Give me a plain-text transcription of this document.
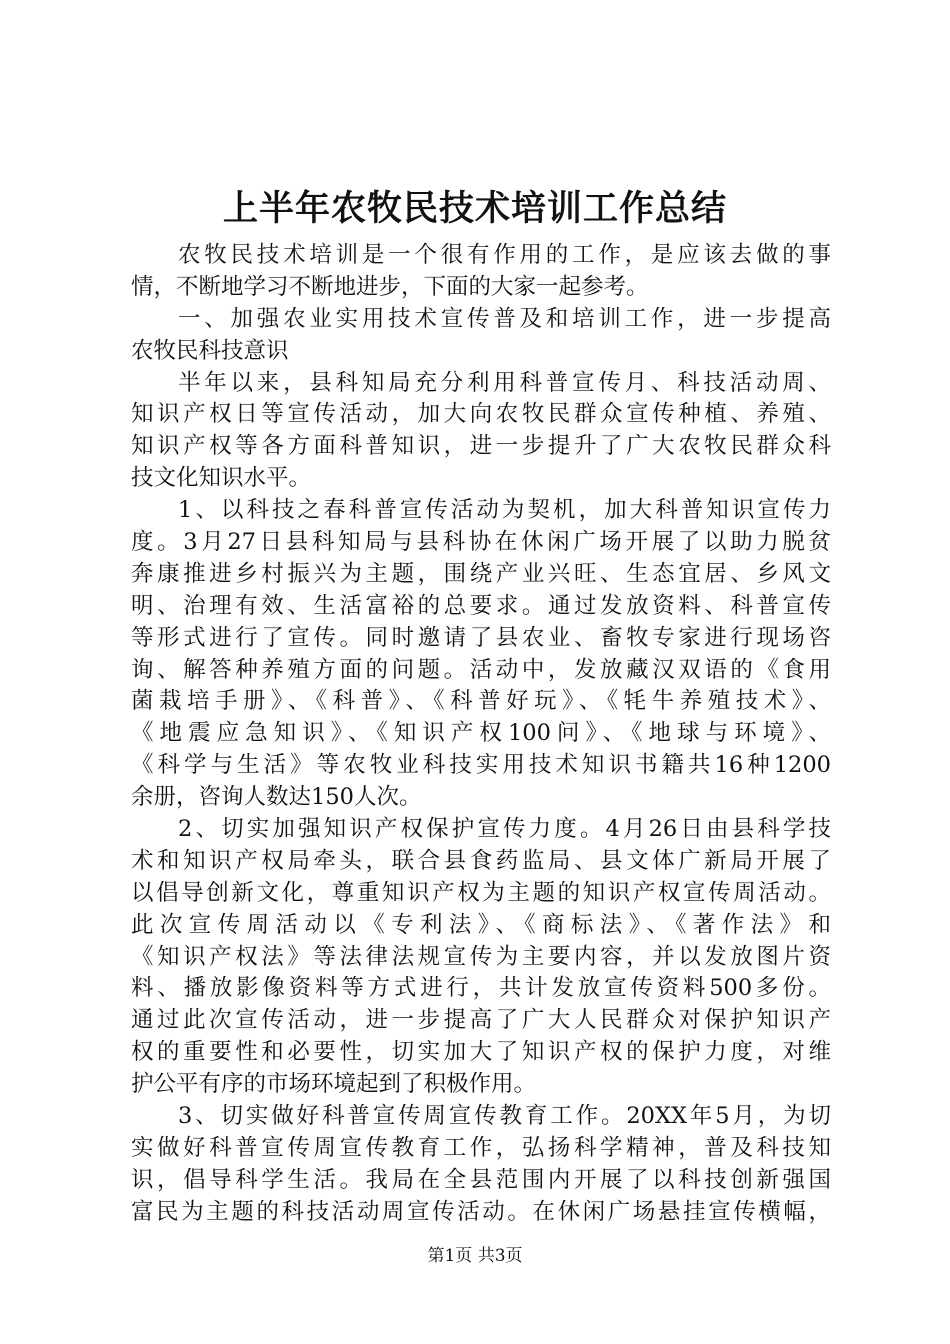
上半年农牧民技术培训工作总结
农牧民技术培训是一个很有作用的工作，是应该去做的事
情，不断地学习不断地进步，下面的大家一起参考。
一、加强农业实用技术宣传普及和培训工作，进一步提高
农牧民科技意识
半年以来，县科知局充分利用科普宣传月、科技活动周、
知识产权日等宣传活动，加大向农牧民群众宣传种植、养殖、
知识产权等各方面科普知识，进一步提升了广大农牧民群众科
技文化知识水平。
1、以科技之春科普宣传活动为契机，加大科普知识宣传力
度。3月27日县科知局与县科协在休闲广场开展了以助力脱贫
奔康推进乡村振兴为主题，围绕产业兴旺、生态宜居、乡风文
明、治理有效、生活富裕的总要求。通过发放资料、科普宣传
等形式进行了宣传。同时邀请了县农业、畜牧专家进行现场咨
询、解答种养殖方面的问题。活动中，发放藏汉双语的《食用
菌栽培手册》、《科普》、《科普好玩》、《牦牛养殖技术》、
《地震应急知识》、《知识产权100问》、《地球与环境》、
《科学与生活》等农牧业科技实用技术知识书籍共16种1200
余册，咨询人数达150人次。
2、切实加强知识产权保护宣传力度。4月26日由县科学技
术和知识产权局牵头，联合县食药监局、县文体广新局开展了
以倡导创新文化，尊重知识产权为主题的知识产权宣传周活动。
此次宣传周活动以《专利法》、《商标法》、《著作法》和
《知识产权法》等法律法规宣传为主要内容，并以发放图片资
料、播放影像资料等方式进行，共计发放宣传资料500多份。
通过此次宣传活动，进一步提高了广大人民群众对保护知识产
权的重要性和必要性，切实加大了知识产权的保护力度，对维
护公平有序的市场环境起到了积极作用。
3、切实做好科普宣传周宣传教育工作。20XX年5月，为切
实做好科普宣传周宣传教育工作，弘扬科学精神，普及科技知
识，倡导科学生活。我局在全县范围内开展了以科技创新强国
富民为主题的科技活动周宣传活动。在休闲广场悬挂宣传横幅，
第1页 共3页
